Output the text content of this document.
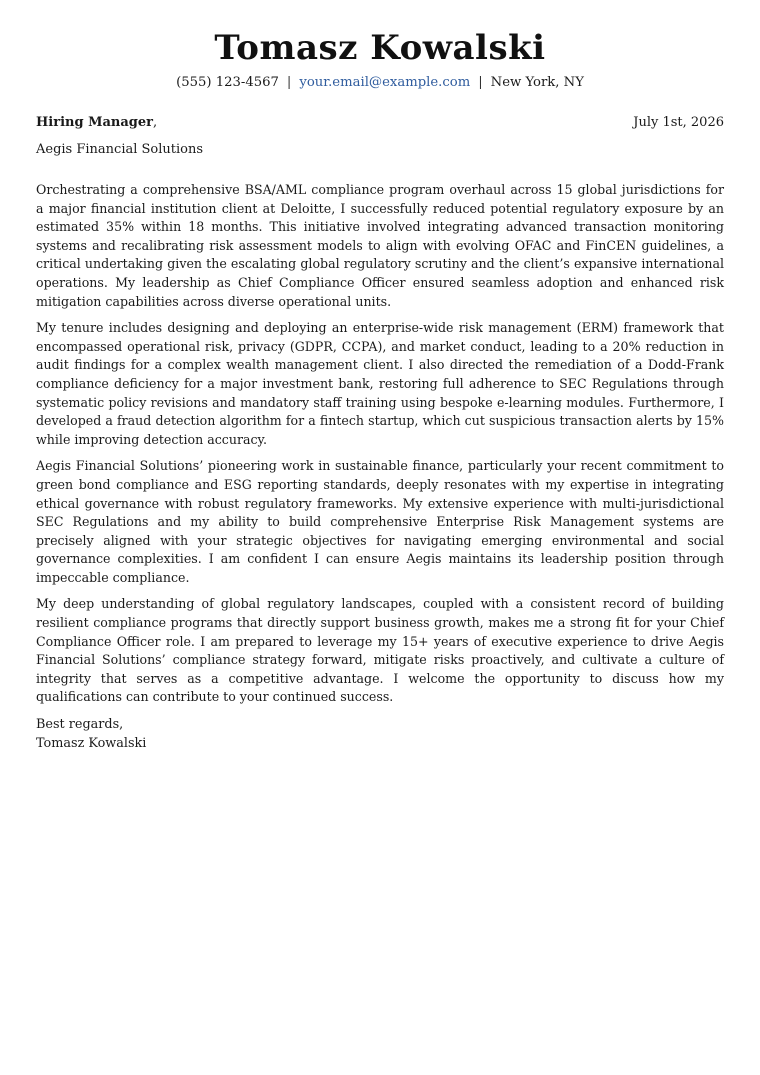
Tomasz Kowalski
(555) 123-4567 | your.email@example.com | New York, NY
Hiring Manager,	July 1st, 2026
Aegis Financial Solutions

Orchestrating a comprehensive BSA/AML compliance program overhaul across 15 global jurisdictions for a major financial institution client at Deloitte, I successfully reduced potential regulatory exposure by an estimated 35% within 18 months. This initiative involved integrating advanced transaction monitoring systems and recalibrating risk assessment models to align with evolving OFAC and FinCEN guidelines, a critical undertaking given the escalating global regulatory scrutiny and the client’s expansive international operations. My leadership as Chief Compliance Officer ensured seamless adoption and enhanced risk mitigation capabilities across diverse operational units.

My tenure includes designing and deploying an enterprise-wide risk management (ERM) framework that encompassed operational risk, privacy (GDPR, CCPA), and market conduct, leading to a 20% reduction in audit findings for a complex wealth management client. I also directed the remediation of a Dodd-Frank compliance deficiency for a major investment bank, restoring full adherence to SEC Regulations through systematic policy revisions and mandatory staff training using bespoke e-learning modules. Furthermore, I developed a fraud detection algorithm for a fintech startup, which cut suspicious transaction alerts by 15% while improving detection accuracy.

Aegis Financial Solutions’ pioneering work in sustainable finance, particularly your recent commitment to green bond compliance and ESG reporting standards, deeply resonates with my expertise in integrating ethical governance with robust regulatory frameworks. My extensive experience with multi-jurisdictional SEC Regulations and my ability to build comprehensive Enterprise Risk Management systems are precisely aligned with your strategic objectives for navigating emerging environmental and social governance complexities. I am confident I can ensure Aegis maintains its leadership position through impeccable compliance.

My deep understanding of global regulatory landscapes, coupled with a consistent record of building resilient compliance programs that directly support business growth, makes me a strong fit for your Chief Compliance Officer role. I am prepared to leverage my 15+ years of executive experience to drive Aegis Financial Solutions’ compliance strategy forward, mitigate risks proactively, and cultivate a culture of integrity that serves as a competitive advantage. I welcome the opportunity to discuss how my qualifications can contribute to your continued success.

Best regards,
Tomasz Kowalski
